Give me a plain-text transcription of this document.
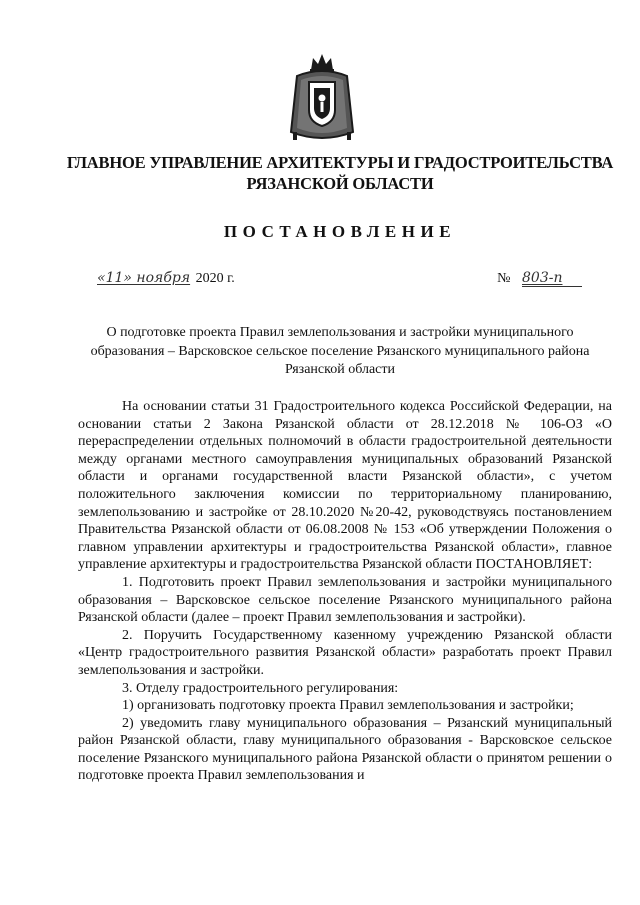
ГЛАВНОЕ УПРАВЛЕНИЕ АРХИТЕКТУРЫ И ГРАДОСТРОИТЕЛЬСТВА
РЯЗАНСКОЙ ОБЛАСТИ
ПОСТАНОВЛЕНИЕ
«11» ноября 2020 г.	№ 803-п
О подготовке проекта Правил землепользования и застройки муниципального образования – Варсковское сельское поселение Рязанского муниципального района Рязанской области

На основании статьи 31 Градостроительного кодекса Российской Федерации, на основании статьи 2 Закона Рязанской области от 28.12.2018 № 106-ОЗ «О перераспределении отдельных полномочий в области градостроительной деятельности между органами местного самоуправления муниципальных образований Рязанской области и органами государственной власти Рязанской области», с учетом положительного заключения комиссии по территориальному планированию, землепользованию и застройке от 28.10.2020 №20-42, руководствуясь постановлением Правительства Рязанской области от 06.08.2008 № 153 «Об утверждении Положения о главном управлении архитектуры и градостроительства Рязанской области», главное управление архитектуры и градостроительства Рязанской области ПОСТАНОВЛЯЕТ:

1. Подготовить проект Правил землепользования и застройки муниципального образования – Варсковское сельское поселение Рязанского муниципального района Рязанской области (далее – проект Правил землепользования и застройки).

2. Поручить Государственному казенному учреждению Рязанской области «Центр градостроительного развития Рязанской области» разработать проект Правил землепользования и застройки.

3. Отделу градостроительного регулирования:

1) организовать подготовку проекта Правил землепользования и застройки;

2) уведомить главу муниципального образования – Рязанский муниципальный район Рязанской области, главу муниципального образования - Варсковское сельское поселение Рязанского муниципального района Рязанской области о принятом решении о подготовке проекта Правил землепользования и
